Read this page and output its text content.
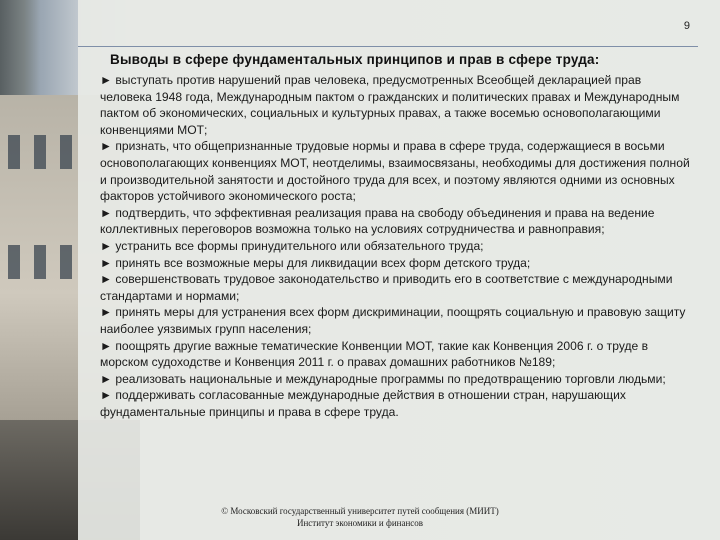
9
Выводы в сфере фундаментальных принципов и прав в сфере труда:

► выступать против нарушений прав человека, предусмотренных Всеобщей декларацией прав человека 1948 года, Международным пактом о гражданских и политических правах и Международным пактом об экономических, социальных и культурных правах, а также восемью основополагающими конвенциями МОТ;

► признать, что общепризнанные трудовые нормы и права в сфере труда, содержащиеся в восьми основополагающих конвенциях МОТ, неотделимы, взаимосвязаны, необходимы для достижения полной и производительной занятости и достойного труда для всех, и поэтому являются одними из основных факторов устойчивого экономического роста;

► подтвердить, что эффективная реализация права на свободу объединения и права на ведение коллективных переговоров возможна только на условиях сотрудничества и равноправия;

► устранить все формы принудительного или обязательного труда;

► принять все возможные меры для ликвидации всех форм детского труда;

► совершенствовать трудовое законодательство и приводить его в соответствие с международными стандартами и нормами;

► принять меры для устранения всех форм дискриминации, поощрять социальную и правовую защиту наиболее уязвимых групп населения;

► поощрять другие важные тематические Конвенции МОТ, такие как Конвенция 2006 г. о труде в морском судоходстве и Конвенция 2011 г. о правах домашних работников №189;

► реализовать национальные и международные программы по предотвращению торговли людьми;

► поддерживать согласованные международные действия в отношении стран, нарушающих фундаментальные принципы и права в сфере труда.

© Московский государственный университет путей сообщения (МИИТ)
Институт экономики и финансов
